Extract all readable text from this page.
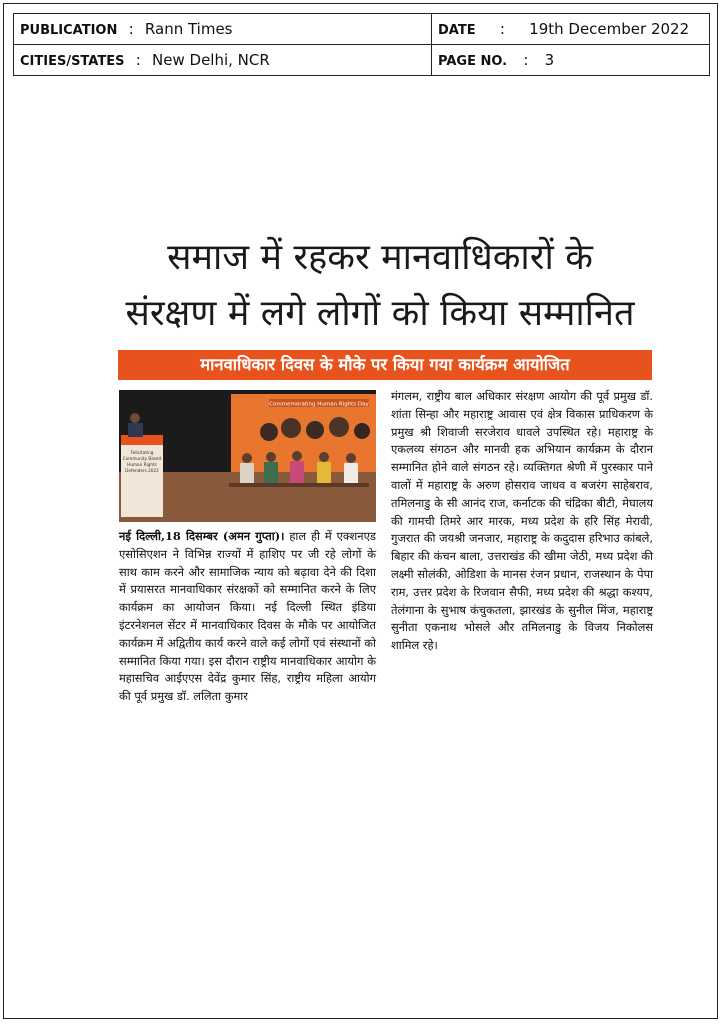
PUBLICATION : Rann Times	DATE : 19th December 2022
CITIES/STATES : New Delhi, NCR	PAGE NO. : 3
समाज में रहकर मानवाधिकारों के
संरक्षण में लगे लोगों को किया सम्मानित
मानवाधिकार दिवस के मौके पर किया गया कार्यक्रम आयोजित
Commemorating Human Rights Day
Felicitating
Community Based
Human Rights
Defenders 2022
नई दिल्ली,18 दिसम्बर (अमन गुप्ता)। हाल ही में एक्शनएड एसोसिएशन ने विभिन्न राज्यों में हाशिए पर जी रहे लोगों के साथ काम करने और सामाजिक न्याय को बढ़ावा देने की दिशा में प्रयासरत मानवाधिकार संरक्षकों को सम्मानित करने के लिए कार्यक्रम का आयोजन किया। नई दिल्ली स्थित इंडिया इंटरनेशनल सेंटर में मानवाधिकार दिवस के मौके पर आयोजित कार्यक्रम में अद्वितीय कार्य करने वाले कई लोगों एवं संस्थानों को सम्मानित किया गया। इस दौरान राष्ट्रीय मानवाधिकार आयोग के महासचिव आईएएस देवेंद्र कुमार सिंह, राष्ट्रीय महिला आयोग की पूर्व प्रमुख डॉ. ललिता कुमार
मंगलम, राष्ट्रीय बाल अधिकार संरक्षण आयोग की पूर्व प्रमुख डॉ. शांता सिन्हा और महाराष्ट्र आवास एवं क्षेत्र विकास प्राधिकरण के प्रमुख श्री शिवाजी सरजेराव धावले उपस्थित रहे। महाराष्ट्र के एकलव्य संगठन और मानवी हक अभियान कार्यक्रम के दौरान सम्मानित होने वाले संगठन रहे। व्यक्तिगत श्रेणी में पुरस्कार पाने वालों में महाराष्ट्र के अरुण होसराव जाधव व बजरंग साहेबराव, तमिलनाडु के सी आनंद राज, कर्नाटक की चंद्रिका बीटी, मेघालय की गामची तिमरे आर मारक, मध्य प्रदेश के हरि सिंह मेरावी, गुजरात की जयश्री जनजार, महाराष्ट्र के कदुदास हरिभाउ कांबले, बिहार की कंचन बाला, उत्तराखंड की खीमा जेठी, मध्य प्रदेश की लक्ष्मी सोलंकी, ओडिशा के मानस रंजन प्रधान, राजस्थान के पेपा राम, उत्तर प्रदेश के रिजवान सैफी, मध्य प्रदेश की श्रद्धा कश्यप, तेलंगाना के सुभाष कंचुकतला, झारखंड के सुनील मिंज, महाराष्ट्र सुनीता एकनाथ भोसले और तमिलनाडु के विजय निकोलस शामिल रहे।
